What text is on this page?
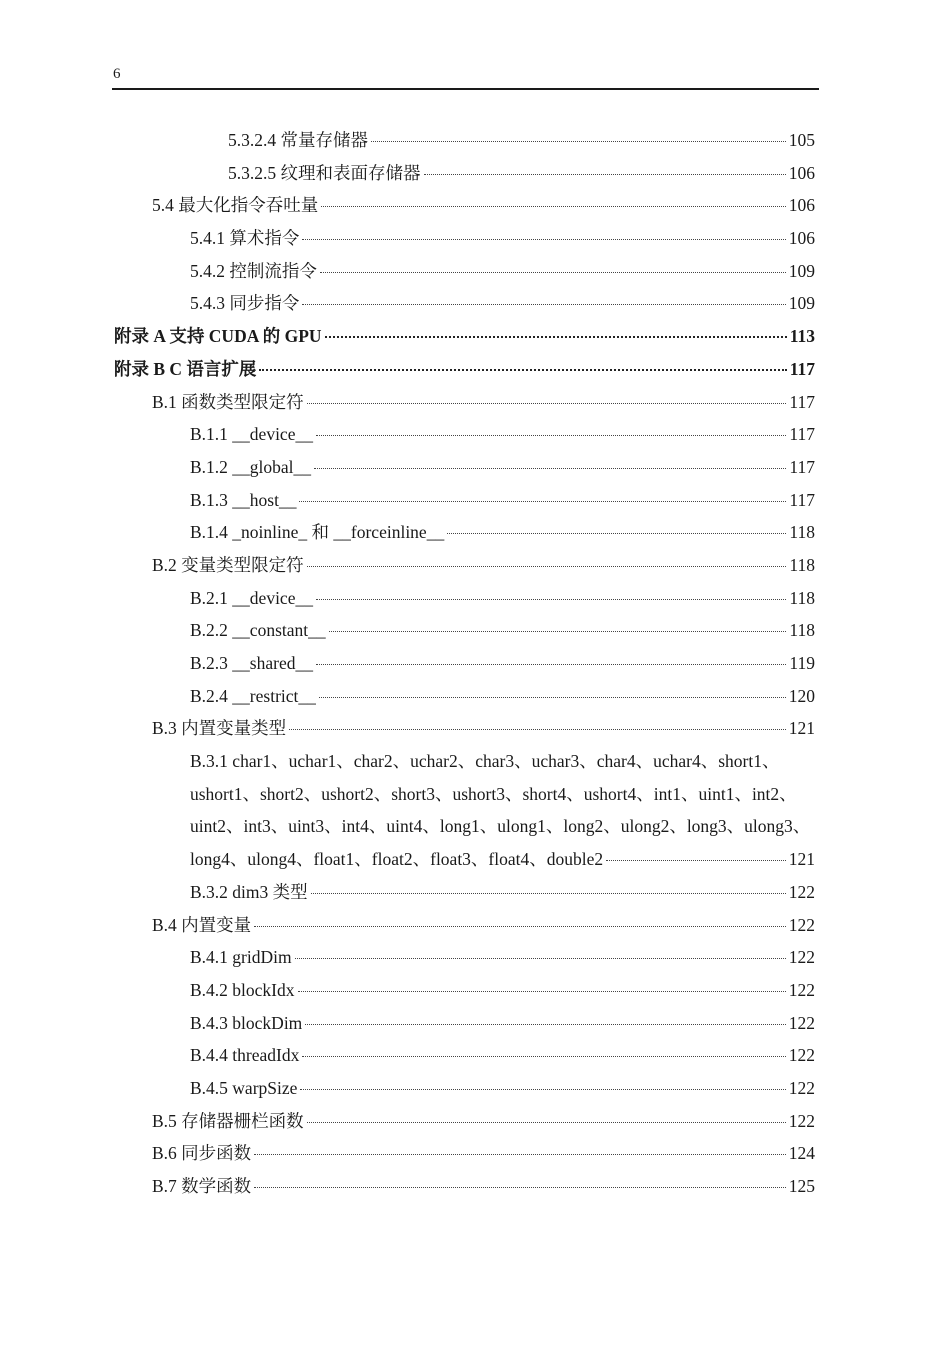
6
5.3.2.4 常量存储器	105
5.3.2.5 纹理和表面存储器	106
5.4 最大化指令吞吐量	106
5.4.1 算术指令	106
5.4.2 控制流指令	109
5.4.3 同步指令	109
附录 A 支持 CUDA 的 GPU	113
附录 B C 语言扩展	117
B.1 函数类型限定符	117
B.1.1 __device__	117
B.1.2 __global__	117
B.1.3 __host__	117
B.1.4 _noinline_ 和 __forceinline__	118
B.2 变量类型限定符	118
B.2.1 __device__	118
B.2.2 __constant__	118
B.2.3 __shared__	119
B.2.4 __restrict__	120
B.3 内置变量类型	121
B.3.1 char1、uchar1、char2、uchar2、char3、uchar3、char4、uchar4、short1、
ushort1、short2、ushort2、short3、ushort3、short4、ushort4、int1、uint1、int2、
uint2、int3、uint3、int4、uint4、long1、ulong1、long2、ulong2、long3、ulong3、
long4、ulong4、float1、float2、float3、float4、double2	121
B.3.2 dim3 类型	122
B.4 内置变量	122
B.4.1 gridDim	122
B.4.2 blockIdx	122
B.4.3 blockDim	122
B.4.4 threadIdx	122
B.4.5 warpSize	122
B.5 存储器栅栏函数	122
B.6 同步函数	124
B.7 数学函数	125
